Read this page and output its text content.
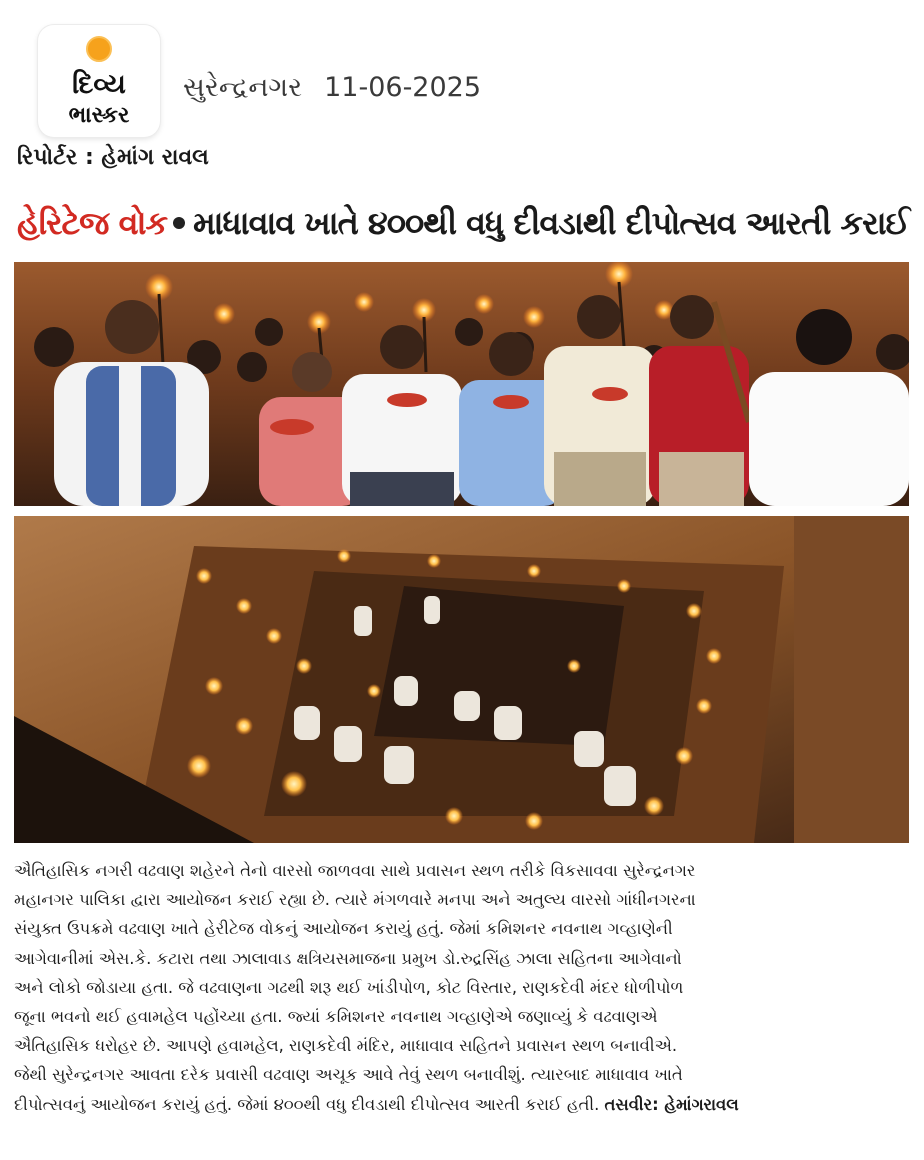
દિવ્ય
ભાસ્કર
સુરેન્દ્રનગર 11-06-2025
રિપોર્ટર : હેમાંગ રાવલ
હેરિટેજ વોક માધાવાવ ખાતે ૪૦૦થી વધુ દીવડાથી દીપોત્સવ આરતી કરાઈ
ઐતિહાસિક નગરી વઢવાણ શહેરને તેનો વારસો જાળવવા સાથે પ્રવાસન સ્થળ તરીકે વિકસાવવા સુરેન્દ્રનગર
મહાનગર પાલિકા દ્વારા આયોજન કરાઈ રહ્યા છે. ત્યારે મંગળવારે મનપા અને અતુલ્ય વારસો ગાંધીનગરના
સંયુક્ત ઉપક્રમે વઢવાણ ખાતે હેરીટેજ વોકનું આયોજન કરાયું હતું. જેમાં કમિશનર નવનાથ ગવ્હાણેની
આગેવાનીમાં એસ.કે. કટારા તથા ઝાલાવાડ ક્ષત્રિયસમાજના પ્રમુખ ડો.રુદ્રસિંહ ઝાલા સહિતના આગેવાનો
અને લોકો જોડાયા હતા. જે વઢવાણના ગઢથી શરૂ થઈ ખાંડીપોળ, કોટ વિસ્તાર, રાણકદેવી મંદર ધોળીપોળ
જૂના ભવનો થઈ હવામહેલ પહોંચ્યા હતા. જ્યાં કમિશનર નવનાથ ગવ્હાણેએ જણાવ્યું કે વઢવાણએ
ઐતિહાસિક ધરોહર છે. આપણે હવામહેલ, રાણકદેવી મંદિર, માધાવાવ સહિતને પ્રવાસન સ્થળ બનાવીએ.
જેથી સુરેન્દ્રનગર આવતા દરેક પ્રવાસી વઢવાણ અચૂક આવે તેવું સ્થળ બનાવીશું. ત્યારબાદ માધાવાવ ખાતે
દીપોત્સવનું આયોજન કરાયું હતું. જેમાં ૪૦૦થી વધુ દીવડાથી દીપોત્સવ આરતી કરાઈ હતી. તસવીર: હેમાંગરાવલ
